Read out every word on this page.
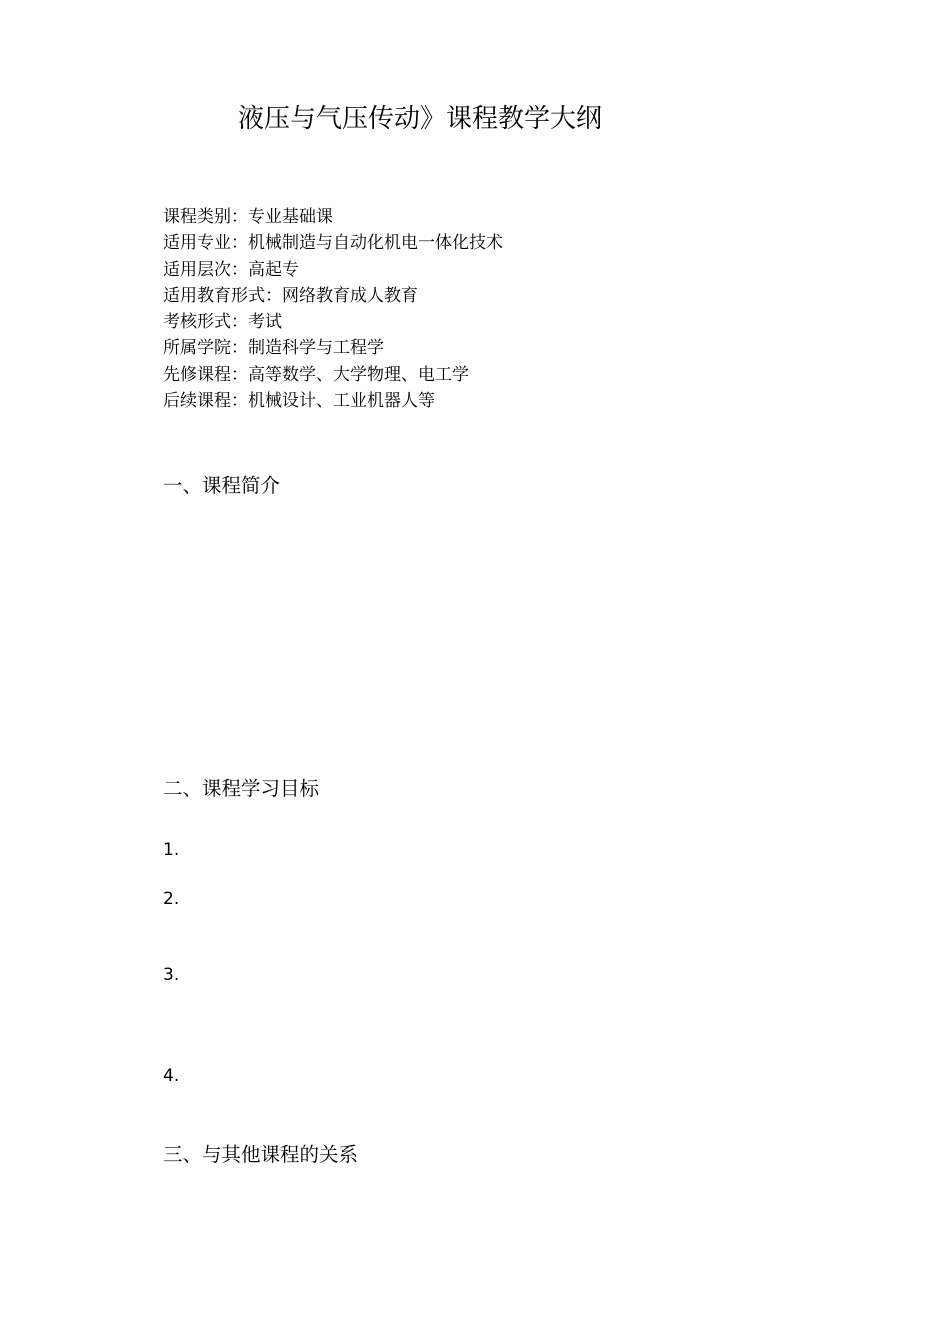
液压与气压传动》课程教学大纲
课程类别：专业基础课
适用专业：机械制造与自动化机电一体化技术
适用层次：高起专
适用教育形式：网络教育成人教育
考核形式：考试
所属学院：制造科学与工程学
先修课程：高等数学、大学物理、电工学
后续课程：机械设计、工业机器人等
一、课程简介
二、课程学习目标
1.
2.
3.
4.
三、与其他课程的关系
